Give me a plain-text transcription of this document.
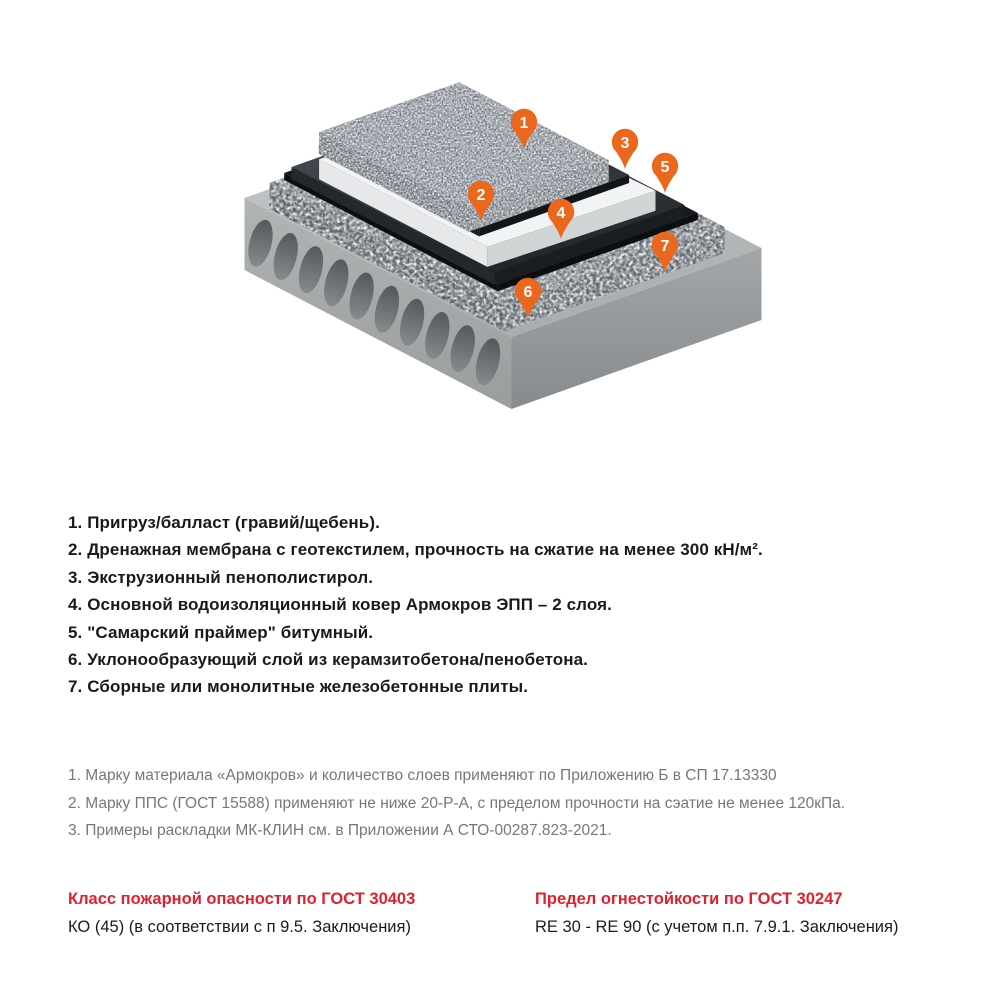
1
2
3
4
5
6
7
1. Пригруз/балласт (гравий/щебень).
2. Дренажная мембрана с геотекстилем, прочность на сжатие на менее 300 кН/м².
3. Экструзионный пенополистирол.
4. Основной водоизоляционный ковер Армокров ЭПП – 2 слоя.
5. "Самарский праймер" битумный.
6. Уклонообразующий слой из керамзитобетона/пенобетона.
7. Сборные или монолитные железобетонные плиты.
1. Марку материала «Армокров» и количество слоев применяют по Приложению Б в СП 17.13330
2. Марку ППС (ГОСТ 15588) применяют не ниже 20-Р-А, с пределом прочности на сэатие не менее 120кПа.
3. Примеры раскладки МК-КЛИН см. в Приложении А СТО-00287.823-2021.
Класс пожарной опасности по ГОСТ 30403
КО (45) (в соответствии с п 9.5. Заключения)
Предел огнестойкости по ГОСТ 30247
RE 30 - RE 90 (с учетом п.п. 7.9.1. Заключения)
